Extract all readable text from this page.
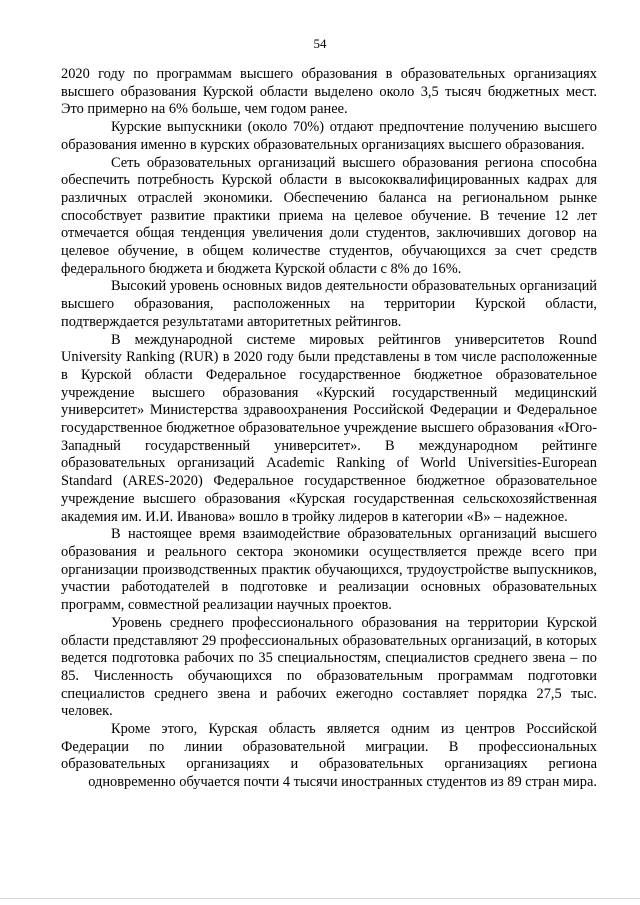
54

2020 году по программам высшего образования в образовательных организациях высшего образования Курской области выделено около 3,5 тысяч бюджетных мест. Это примерно на 6% больше, чем годом ранее.

Курские выпускники (около 70%) отдают предпочтение получению высшего образования именно в курских образовательных организациях высшего образования.

Сеть образовательных организаций высшего образования региона способна обеспечить потребность Курской области в высококвалифицированных кадрах для различных отраслей экономики. Обеспечению баланса на региональном рынке способствует развитие практики приема на целевое обучение. В течение 12 лет отмечается общая тенденция увеличения доли студентов, заключивших договор на целевое обучение, в общем количестве студентов, обучающихся за счет средств федерального бюджета и бюджета Курской области с 8% до 16%.

Высокий уровень основных видов деятельности образовательных организаций высшего образования, расположенных на территории Курской области, подтверждается результатами авторитетных рейтингов.

В международной системе мировых рейтингов университетов Round University Ranking (RUR) в 2020 году были представлены в том числе расположенные в Курской области Федеральное государственное бюджетное образовательное учреждение высшего образования «Курский государственный медицинский университет» Министерства здравоохранения Российской Федерации и Федеральное государственное бюджетное образовательное учреждение высшего образования «Юго-Западный государственный университет». В международном рейтинге образовательных организаций Academic Ranking of World Universities-European Standard (ARES-2020) Федеральное государственное бюджетное образовательное учреждение высшего образования «Курская государственная сельскохозяйственная академия им. И.И. Иванова» вошло в тройку лидеров в категории «B» – надежное.

В настоящее время взаимодействие образовательных организаций высшего образования и реального сектора экономики осуществляется прежде всего при организации производственных практик обучающихся, трудоустройстве выпускников, участии работодателей в подготовке и реализации основных образовательных программ, совместной реализации научных проектов.

Уровень среднего профессионального образования на территории Курской области представляют 29 профессиональных образовательных организаций, в которых ведется подготовка рабочих по 35 специальностям, специалистов среднего звена – по 85. Численность обучающихся по образовательным программам подготовки специалистов среднего звена и рабочих ежегодно составляет порядка 27,5 тыс. человек.

Кроме этого, Курская область является одним из центров Российской Федерации по линии образовательной миграции. В профессиональных образовательных организациях и образовательных организациях региона одновременно обучается почти 4 тысячи иностранных студентов из 89 стран мира.
